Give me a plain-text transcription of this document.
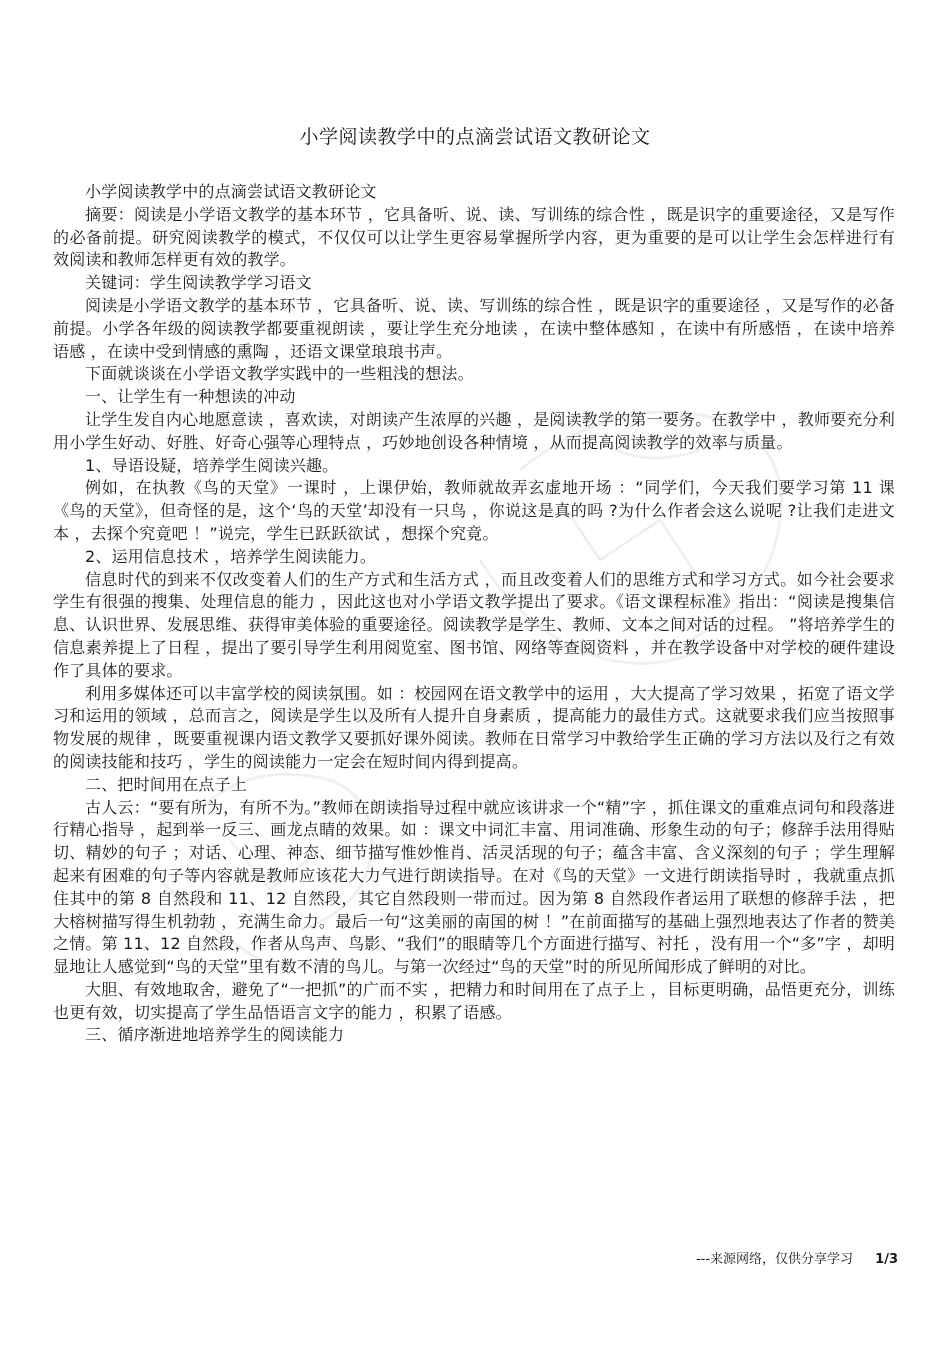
小学阅读教学中的点滴尝试语文教研论文

小学阅读教学中的点滴尝试语文教研论文

摘要：阅读是小学语文教学的基本环节 ，它具备听、说、读、写训练的综合性 ，既是识字的重要途径，又是写作的必备前提。研究阅读教学的模式，不仅仅可以让学生更容易掌握所学内容，更为重要的是可以让学生会怎样进行有效阅读和教师怎样更有效的教学。

关键词：学生阅读教学学习语文

阅读是小学语文教学的基本环节 ，它具备听、说、读、写训练的综合性 ，既是识字的重要途径 ，又是写作的必备前提。小学各年级的阅读教学都要重视朗读 ，要让学生充分地读 ，在读中整体感知 ，在读中有所感悟 ，在读中培养语感 ，在读中受到情感的熏陶 ，还语文课堂琅琅书声。

下面就谈谈在小学语文教学实践中的一些粗浅的想法。

一、让学生有一种想读的冲动

让学生发自内心地愿意读 ，喜欢读，对朗读产生浓厚的兴趣 ，是阅读教学的第一要务。在教学中 ，教师要充分利用小学生好动、好胜、好奇心强等心理特点 ，巧妙地创设各种情境 ，从而提高阅读教学的效率与质量。

1、导语设疑，培养学生阅读兴趣。

例如，在执教《鸟的天堂》一课时 ，上课伊始，教师就故弄玄虚地开场 ：“同学们，今天我们要学习第 11 课《鸟的天堂》，但奇怪的是，这个‘鸟的天堂’却没有一只鸟 ，你说这是真的吗 ?为什么作者会这么说呢 ?让我们走进文本 ，去探个究竟吧 ！”说完，学生已跃跃欲试 ，想探个究竟。

2、运用信息技术 ，培养学生阅读能力。

信息时代的到来不仅改变着人们的生产方式和生活方式 ，而且改变着人们的思维方式和学习方式。如今社会要求学生有很强的搜集、处理信息的能力 ，因此这也对小学语文教学提出了要求。《语文课程标准》指出：“阅读是搜集信息、认识世界、发展思维、获得审美体验的重要途径。阅读教学是学生、教师、文本之间对话的过程。 ”将培养学生的信息素养提上了日程 ，提出了要引导学生利用阅览室、图书馆、网络等查阅资料 ，并在教学设备中对学校的硬件建设作了具体的要求。

利用多媒体还可以丰富学校的阅读氛围。如 ：校园网在语文教学中的运用 ，大大提高了学习效果 ，拓宽了语文学习和运用的领域 ，总而言之，阅读是学生以及所有人提升自身素质 ，提高能力的最佳方式。这就要求我们应当按照事物发展的规律 ，既要重视课内语文教学又要抓好课外阅读。教师在日常学习中教给学生正确的学习方法以及行之有效的阅读技能和技巧 ，学生的阅读能力一定会在短时间内得到提高。

二、把时间用在点子上

古人云：“要有所为，有所不为。”教师在朗读指导过程中就应该讲求一个“精”字 ，抓住课文的重难点词句和段落进行精心指导 ，起到举一反三、画龙点睛的效果。如 ：课文中词汇丰富、用词准确、形象生动的句子；修辞手法用得贴切、精妙的句子 ；对话、心理、神态、细节描写惟妙惟肖、活灵活现的句子；蕴含丰富、含义深刻的句子 ；学生理解起来有困难的句子等内容就是教师应该花大力气进行朗读指导。在对《鸟的天堂》一文进行朗读指导时 ，我就重点抓住其中的第 8 自然段和 11、12 自然段，其它自然段则一带而过。因为第 8 自然段作者运用了联想的修辞手法 ，把大榕树描写得生机勃勃 ，充满生命力。最后一句“这美丽的南国的树 ！”在前面描写的基础上强烈地表达了作者的赞美之情。第 11、12 自然段，作者从鸟声、鸟影、“我们”的眼睛等几个方面进行描写、衬托 ，没有用一个“多”字 ，却明显地让人感觉到“鸟的天堂”里有数不清的鸟儿。与第一次经过“鸟的天堂”时的所见所闻形成了鲜明的对比。

大胆、有效地取舍，避免了“一把抓”的广而不实 ，把精力和时间用在了点子上 ，目标更明确，品悟更充分，训练也更有效，切实提高了学生品悟语言文字的能力 ，积累了语感。

三、循序渐进地培养学生的阅读能力

---来源网络，仅供分享学习 1/3
